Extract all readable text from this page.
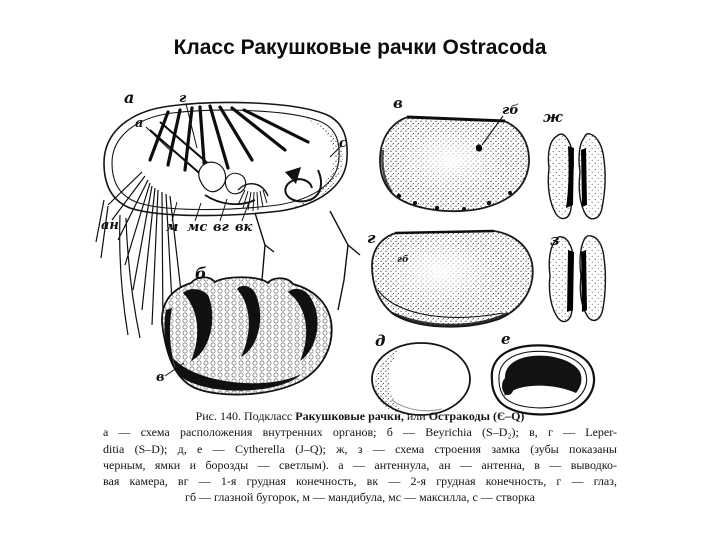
Класс Ракушковые рачки Ostracoda
а	г
а
с
ан	м мс вг вк
б
в
в	гб
г
гб
д	е
ж
з
Рис. 140. Подкласс Ракушковые рачки, или Остракоды (Є–Q)
а — схема расположения внутренних органов; б — Beyrichia (S–D₂); в, г — Leper-
ditia (S–D); д, е — Cytherella (J–Q); ж, з — схема строения замка (зубы показаны
черным, ямки и борозды — светлым). а — антеннула, ан — антенна, в — выводко-
вая камера, вг — 1-я грудная конечность, вк — 2-я грудная конечность, г — глаз,
гб — глазной бугорок, м — мандибула, мс — максилла, с — створка
